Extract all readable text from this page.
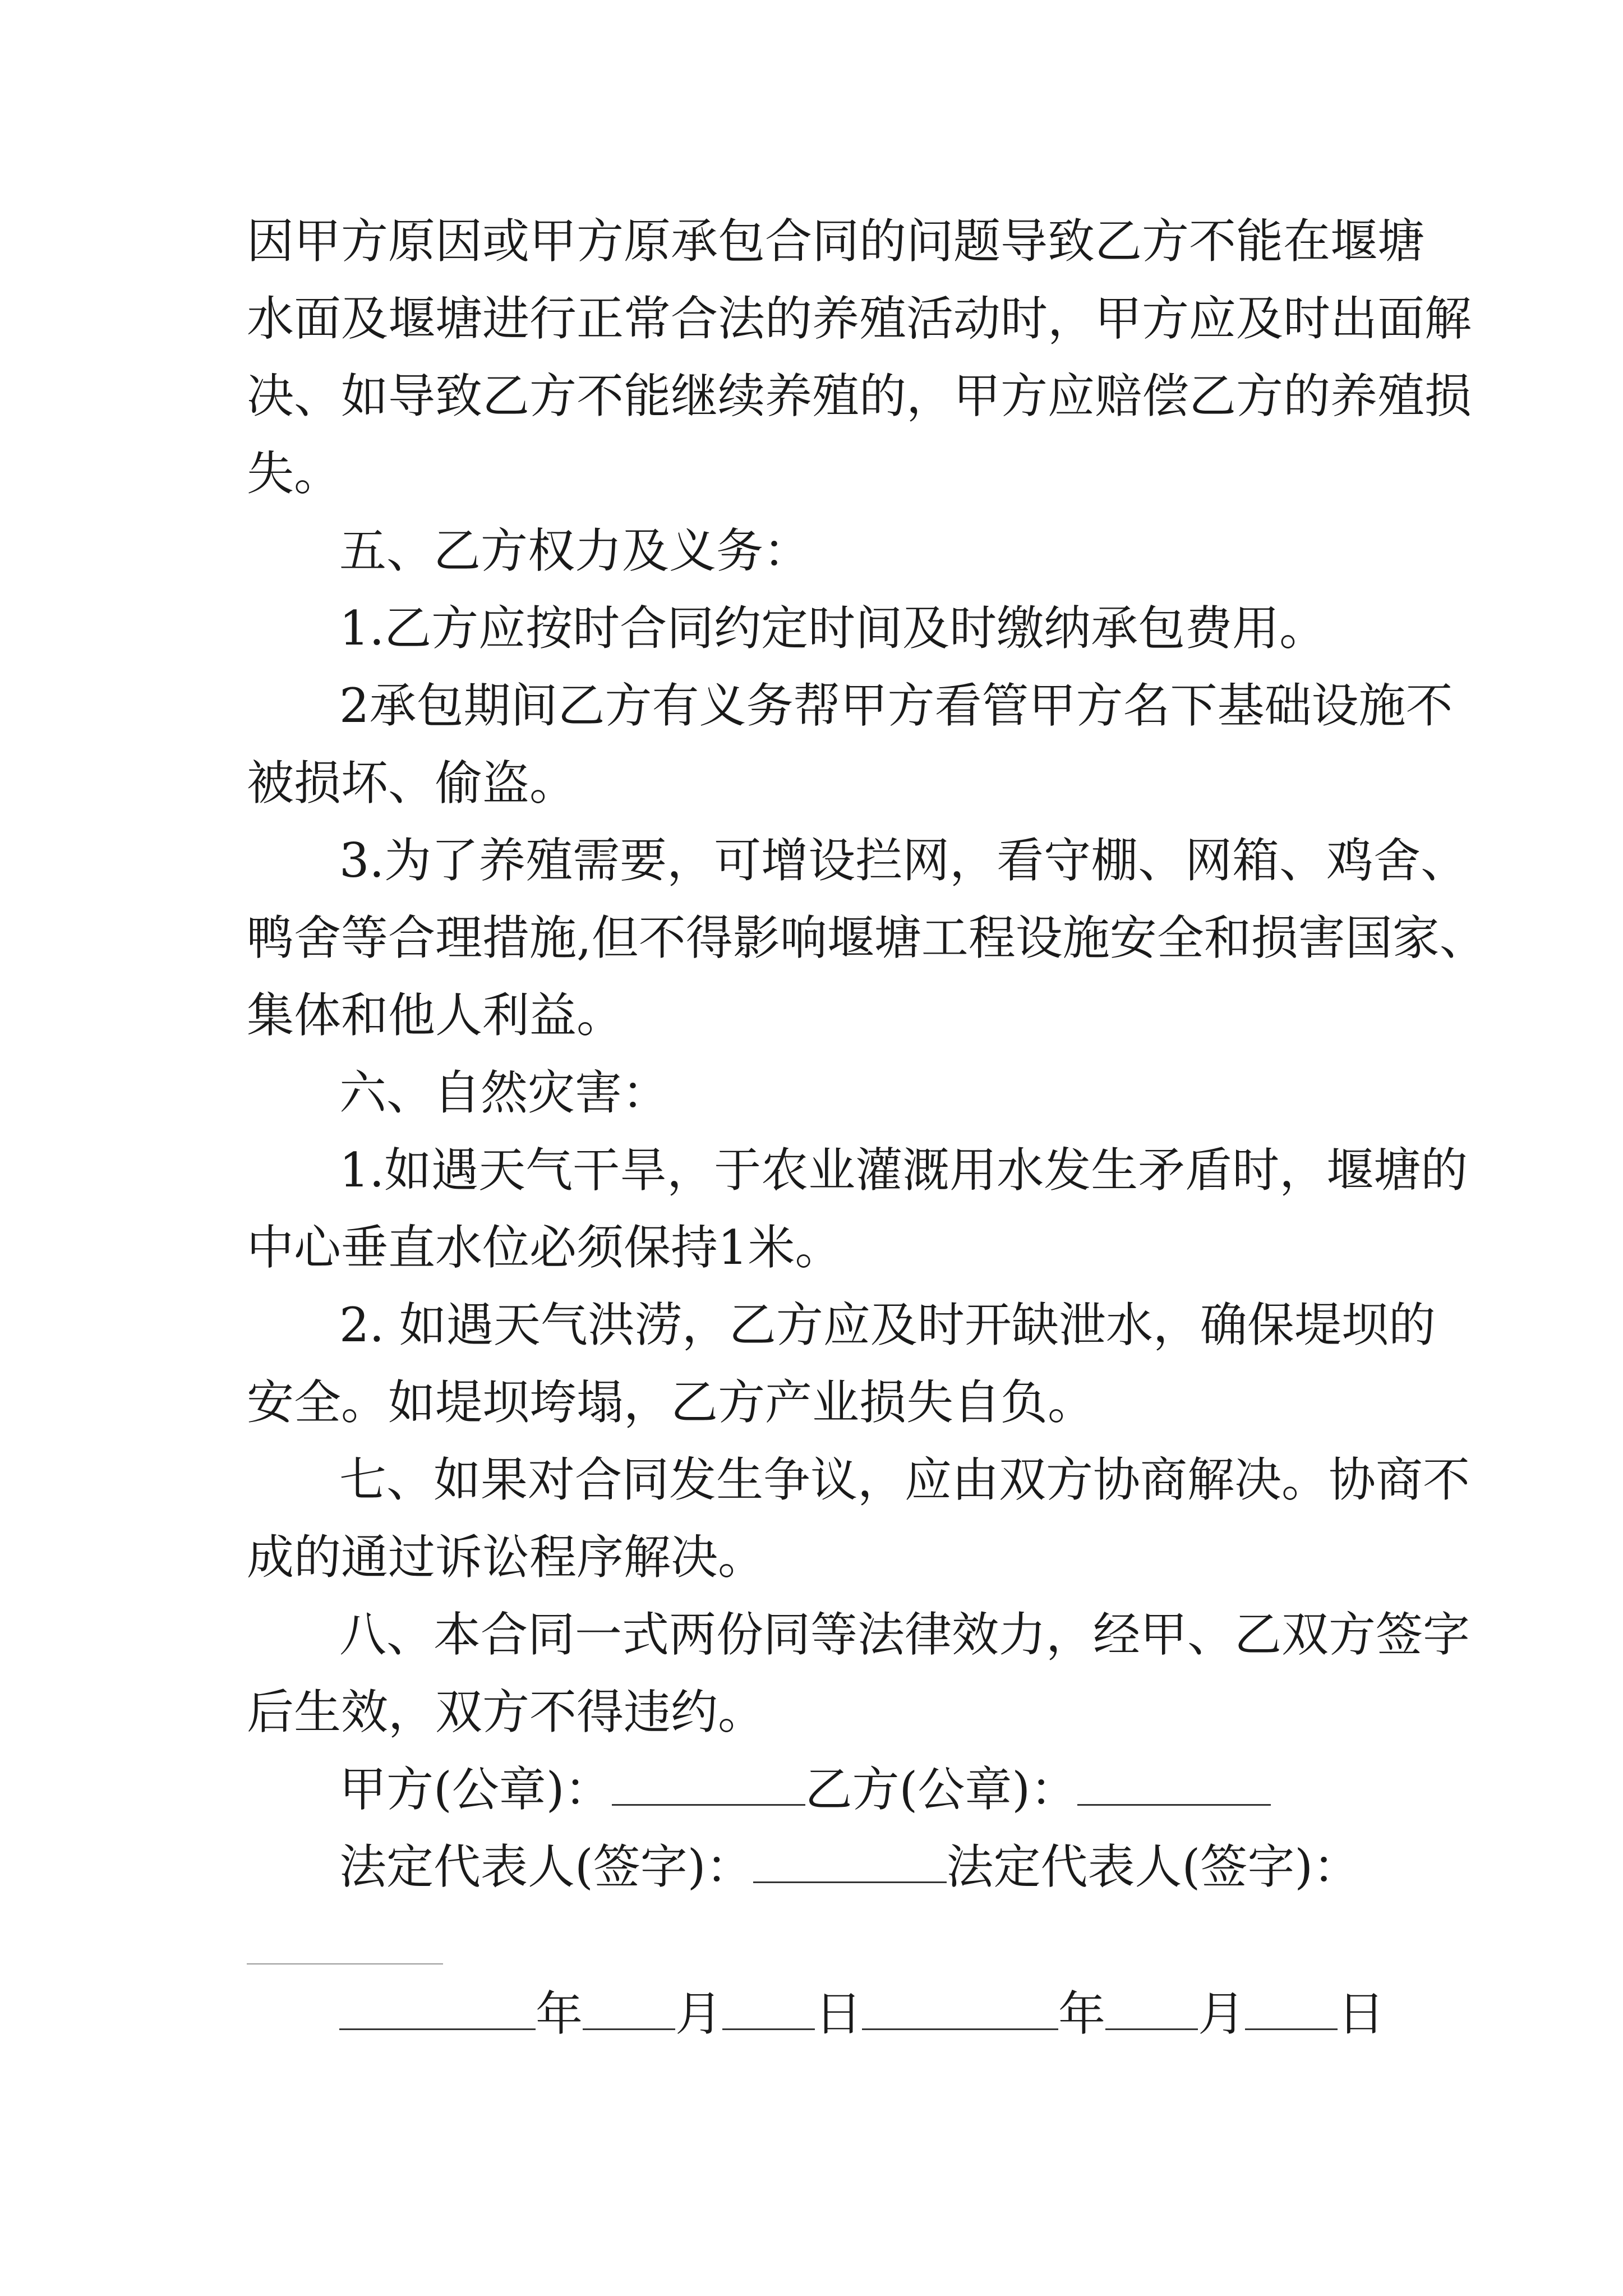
因甲方原因或甲方原承包合同的问题导致乙方不能在堰塘
水面及堰塘进行正常合法的养殖活动时，甲方应及时出面解
决、如导致乙方不能继续养殖的，甲方应赔偿乙方的养殖损
失。
五、乙方权力及义务：
1.乙方应按时合同约定时间及时缴纳承包费用。
2承包期间乙方有义务帮甲方看管甲方名下基础设施不
被损坏、偷盗。
3.为了养殖需要，可增设拦网，看守棚、网箱、鸡舍、
鸭舍等合理措施,但不得影响堰塘工程设施安全和损害国家、
集体和他人利益。
六、自然灾害：
1.如遇天气干旱，于农业灌溉用水发生矛盾时，堰塘的
中心垂直水位必须保持1米。
2. 如遇天气洪涝，乙方应及时开缺泄水，确保堤坝的
安全。如堤坝垮塌，乙方产业损失自负。
七、如果对合同发生争议，应由双方协商解决。协商不
成的通过诉讼程序解决。
八、本合同一式两份同等法律效力，经甲、乙双方签字
后生效，双方不得违约。
甲方(公章)：	乙方(公章)：
法定代表人(签字)：	法定代表人(签字)：
年 月 日	年 月 日
